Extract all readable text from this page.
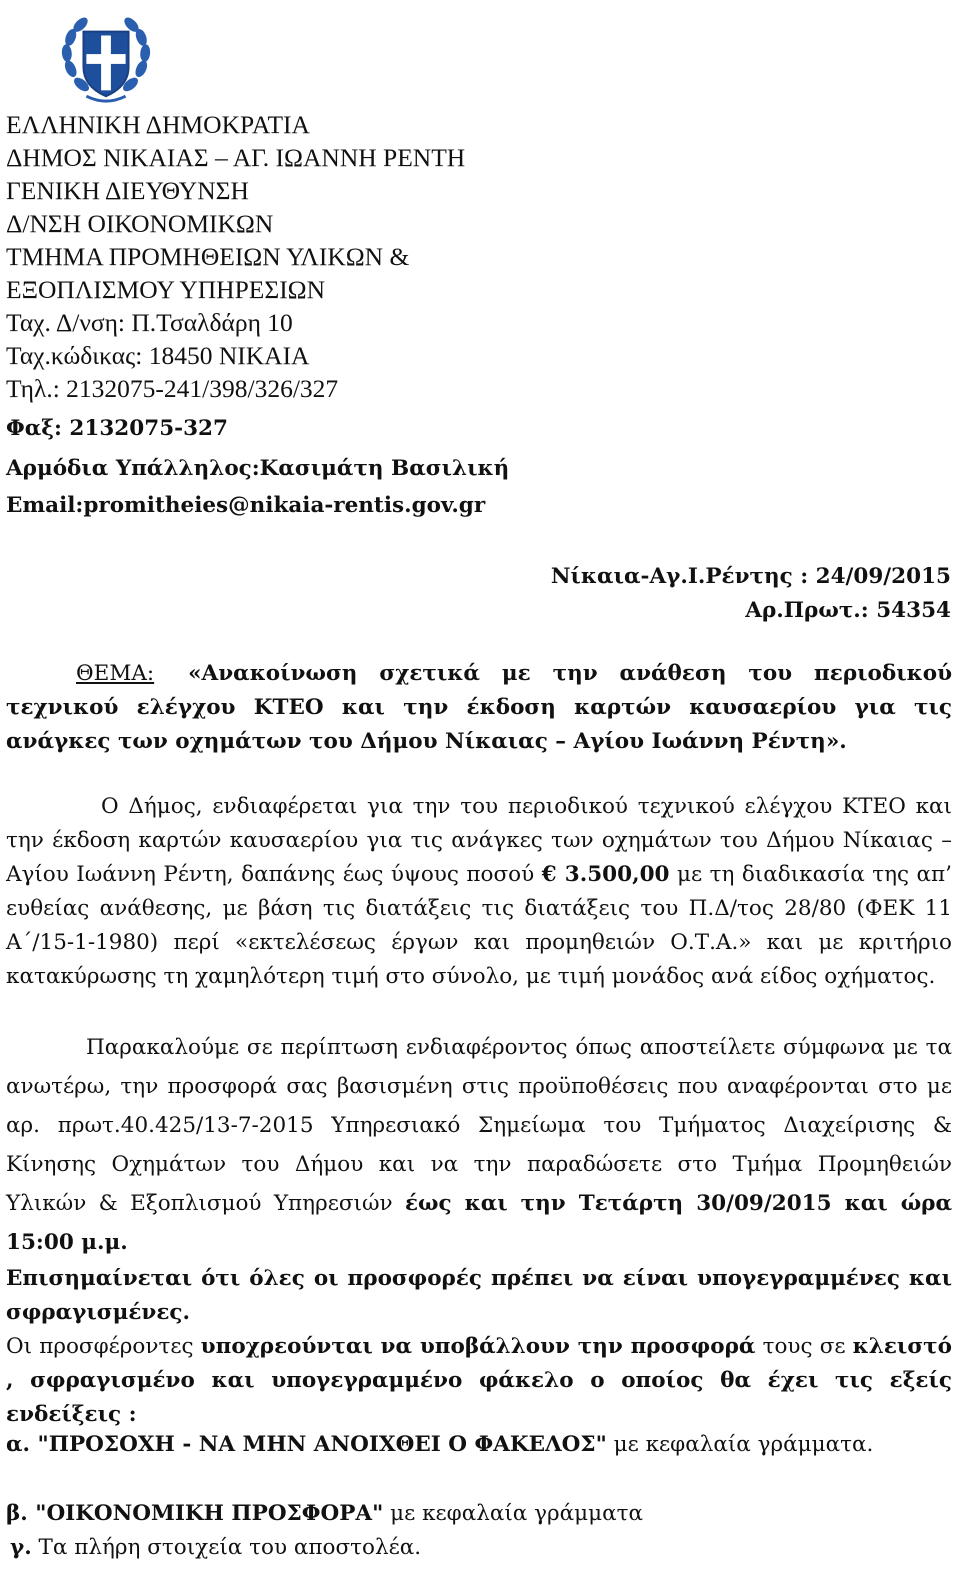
ΕΛΛΗΝΙΚΗ ΔΗΜΟΚΡΑΤΙΑ
ΔΗΜΟΣ ΝΙΚΑΙΑΣ – ΑΓ. ΙΩΑΝΝΗ ΡΕΝΤΗ
ΓΕΝΙΚΗ ΔΙΕΥΘΥΝΣΗ
Δ/ΝΣΗ ΟΙΚΟΝΟΜΙΚΩΝ
ΤΜΗΜΑ ΠΡΟΜΗΘΕΙΩΝ ΥΛΙΚΩΝ &
ΕΞΟΠΛΙΣΜΟΥ ΥΠΗΡΕΣΙΩΝ
Ταχ. Δ/νση: Π.Τσαλδάρη 10
Ταχ.κώδικας: 18450 ΝΙΚΑΙΑ
Τηλ.: 2132075-241/398/326/327
Φαξ: 2132075-327
Αρμόδια Υπάλληλος:Κασιμάτη Βασιλική
Email:promitheies@nikaia-rentis.gov.gr
Νίκαια-Αγ.Ι.Ρέντης : 24/09/2015
Αρ.Πρωτ.: 54354
ΘΕΜΑ: «Ανακοίνωση σχετικά με την ανάθεση του περιοδικού τεχνικού ελέγχου ΚΤΕΟ και την έκδοση καρτών καυσαερίου για τις ανάγκες των οχημάτων του Δήμου Νίκαιας – Αγίου Ιωάννη Ρέντη».
Ο Δήμος, ενδιαφέρεται για την του περιοδικού τεχνικού ελέγχου ΚΤΕΟ και την έκδοση καρτών καυσαερίου για τις ανάγκες των οχημάτων του Δήμου Νίκαιας – Αγίου Ιωάννη Ρέντη, δαπάνης έως ύψους ποσού € 3.500,00 με τη διαδικασία της απ’ ευθείας ανάθεσης, με βάση τις διατάξεις τις διατάξεις του Π.Δ/τος 28/80 (ΦΕΚ 11 Α΄/15-1-1980) περί «εκτελέσεως έργων και προμηθειών Ο.Τ.Α.» και με κριτήριο κατακύρωσης τη χαμηλότερη τιμή στο σύνολο, με τιμή μονάδος ανά είδος οχήματος.
Παρακαλούμε σε περίπτωση ενδιαφέροντος όπως αποστείλετε σύμφωνα με τα ανωτέρω, την προσφορά σας βασισμένη στις προϋποθέσεις που αναφέρονται στο με αρ. πρωτ.40.425/13-7-2015 Υπηρεσιακό Σημείωμα του Τμήματος Διαχείρισης & Κίνησης Οχημάτων του Δήμου και να την παραδώσετε στο Τμήμα Προμηθειών Υλικών & Εξοπλισμού Υπηρεσιών έως και την Τετάρτη 30/09/2015 και ώρα 15:00 μ.μ.
Επισημαίνεται ότι όλες οι προσφορές πρέπει να είναι υπογεγραμμένες και σφραγισμένες.
Οι προσφέροντες υποχρεούνται να υποβάλλουν την προσφορά τους σε κλειστό , σφραγισμένο και υπογεγραμμένο φάκελο ο οποίος θα έχει τις εξείς ενδείξεις :
α. "ΠΡΟΣΟΧΗ - ΝΑ ΜΗΝ ΑΝΟΙΧΘΕΙ Ο ΦΑΚΕΛΟΣ" με κεφαλαία γράμματα.
β. "ΟΙΚΟΝΟΜΙΚΗ ΠΡΟΣΦΟΡΑ" με κεφαλαία γράμματα
γ. Τα πλήρη στοιχεία του αποστολέα.
